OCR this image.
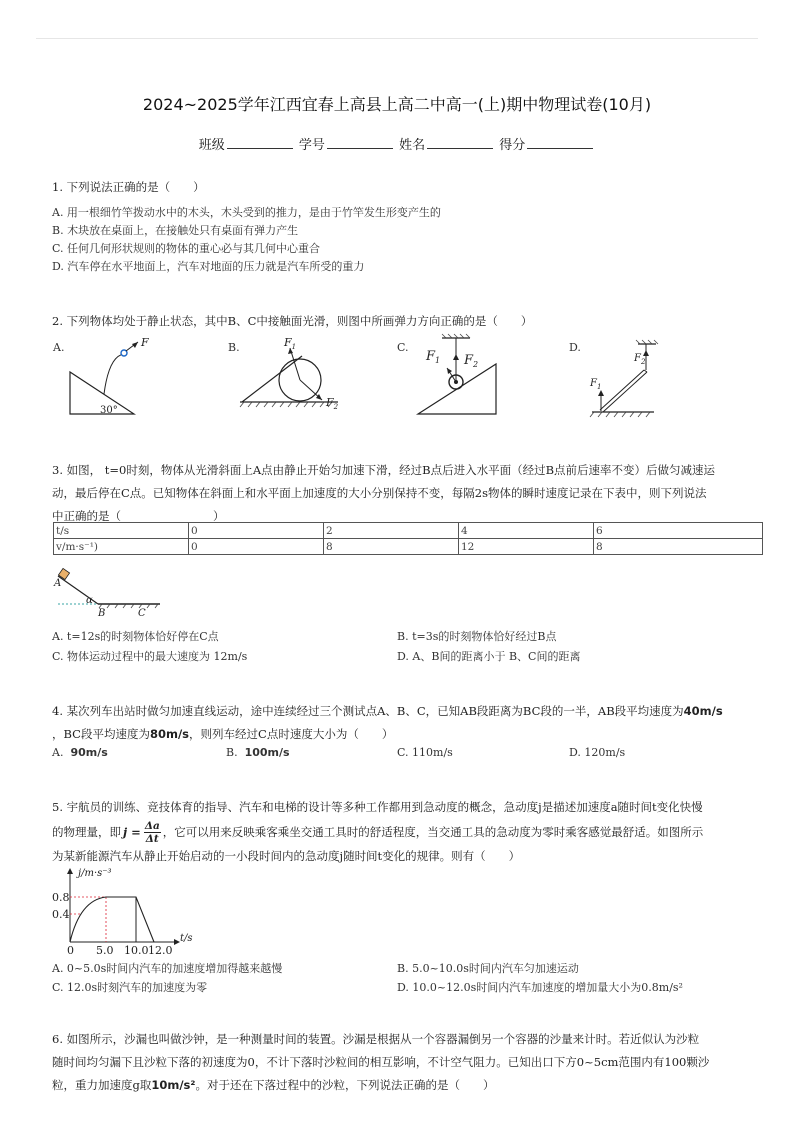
2024~2025学年江西宜春上高县上高二中高一(上)期中物理试卷(10月)
班级	学号	姓名	得分
1. 下列说法正确的是（　　）
A. 用一根细竹竿拨动水中的木头，木头受到的推力，是由于竹竿发生形变产生的
B. 木块放在桌面上，在接触处只有桌面有弹力产生
C. 任何几何形状规则的物体的重心必与其几何中心重合
D. 汽车停在水平地面上，汽车对地面的压力就是汽车所受的重力
2. 下列物体均处于静止状态，其中B、C中接触面光滑，则图中所画弹力方向正确的是（　　）
A.	F
30°
B.	$F_1$
$F_2$
C.
$F_1$ $F_2$
D.
$F_2$
$F_1$
3. 如图， t=0时刻，物体从光滑斜面上A点由静止开始匀加速下滑，经过B点后进入水平面（经过B点前后速率不变）后做匀减速运
动，最后停在C点。已知物体在斜面上和水平面上加速度的大小分别保持不变，每隔2s物体的瞬时速度记录在下表中，则下列说法
中正确的是（　　　　　　　　）
t/s	0	2	4	6
v/m·s⁻¹)	0	8	12	8
A
α
B	C
A. t=12s的时刻物体恰好停在C点	B. t=3s的时刻物体恰好经过B点
C. 物体运动过程中的最大速度为 12m/s	D. A、B间的距离小于 B、C间的距离
4. 某次列车出站时做匀加速直线运动，途中连续经过三个测试点A、B、C，已知AB段距离为BC段的一半，AB段平均速度为40m/s
，BC段平均速度为80m/s，则列车经过C点时速度大小为（　　）
A. 90m/s	B. 100m/s	C. 110m/s	D. 120m/s
5. 宇航员的训练、竞技体育的指导、汽车和电梯的设计等多种工作都用到急动度的概念，急动度j是描述加速度a随时间t变化快慢
的物理量，即 $j = \frac{\Delta a}{\Delta t}$ ，它可以用来反映乘客乘坐交通工具时的舒适程度，当交通工具的急动度为零时乘客感觉最舒适。如图所示
为某新能源汽车从静止开始启动的一小段时间内的急动度j随时间t变化的规律。则有（　　）
j/m·s⁻³
t/s
0.8
0.4
0 5.0 10.0 12.0
A. 0~5.0s时间内汽车的加速度增加得越来越慢	B. 5.0~10.0s时间内汽车匀加速运动
C. 12.0s时刻汽车的加速度为零	D. 10.0~12.0s时间内汽车加速度的增加量大小为0.8m/s²
6. 如图所示，沙漏也叫做沙钟，是一种测量时间的装置。沙漏是根据从一个容器漏倒另一个容器的沙量来计时。若近似认为沙粒
随时间均匀漏下且沙粒下落的初速度为0，不计下落时沙粒间的相互影响，不计空气阻力。已知出口下方0~5cm范围内有100颗沙
粒，重力加速度g取10m/s²。对于还在下落过程中的沙粒，下列说法正确的是（　　）
